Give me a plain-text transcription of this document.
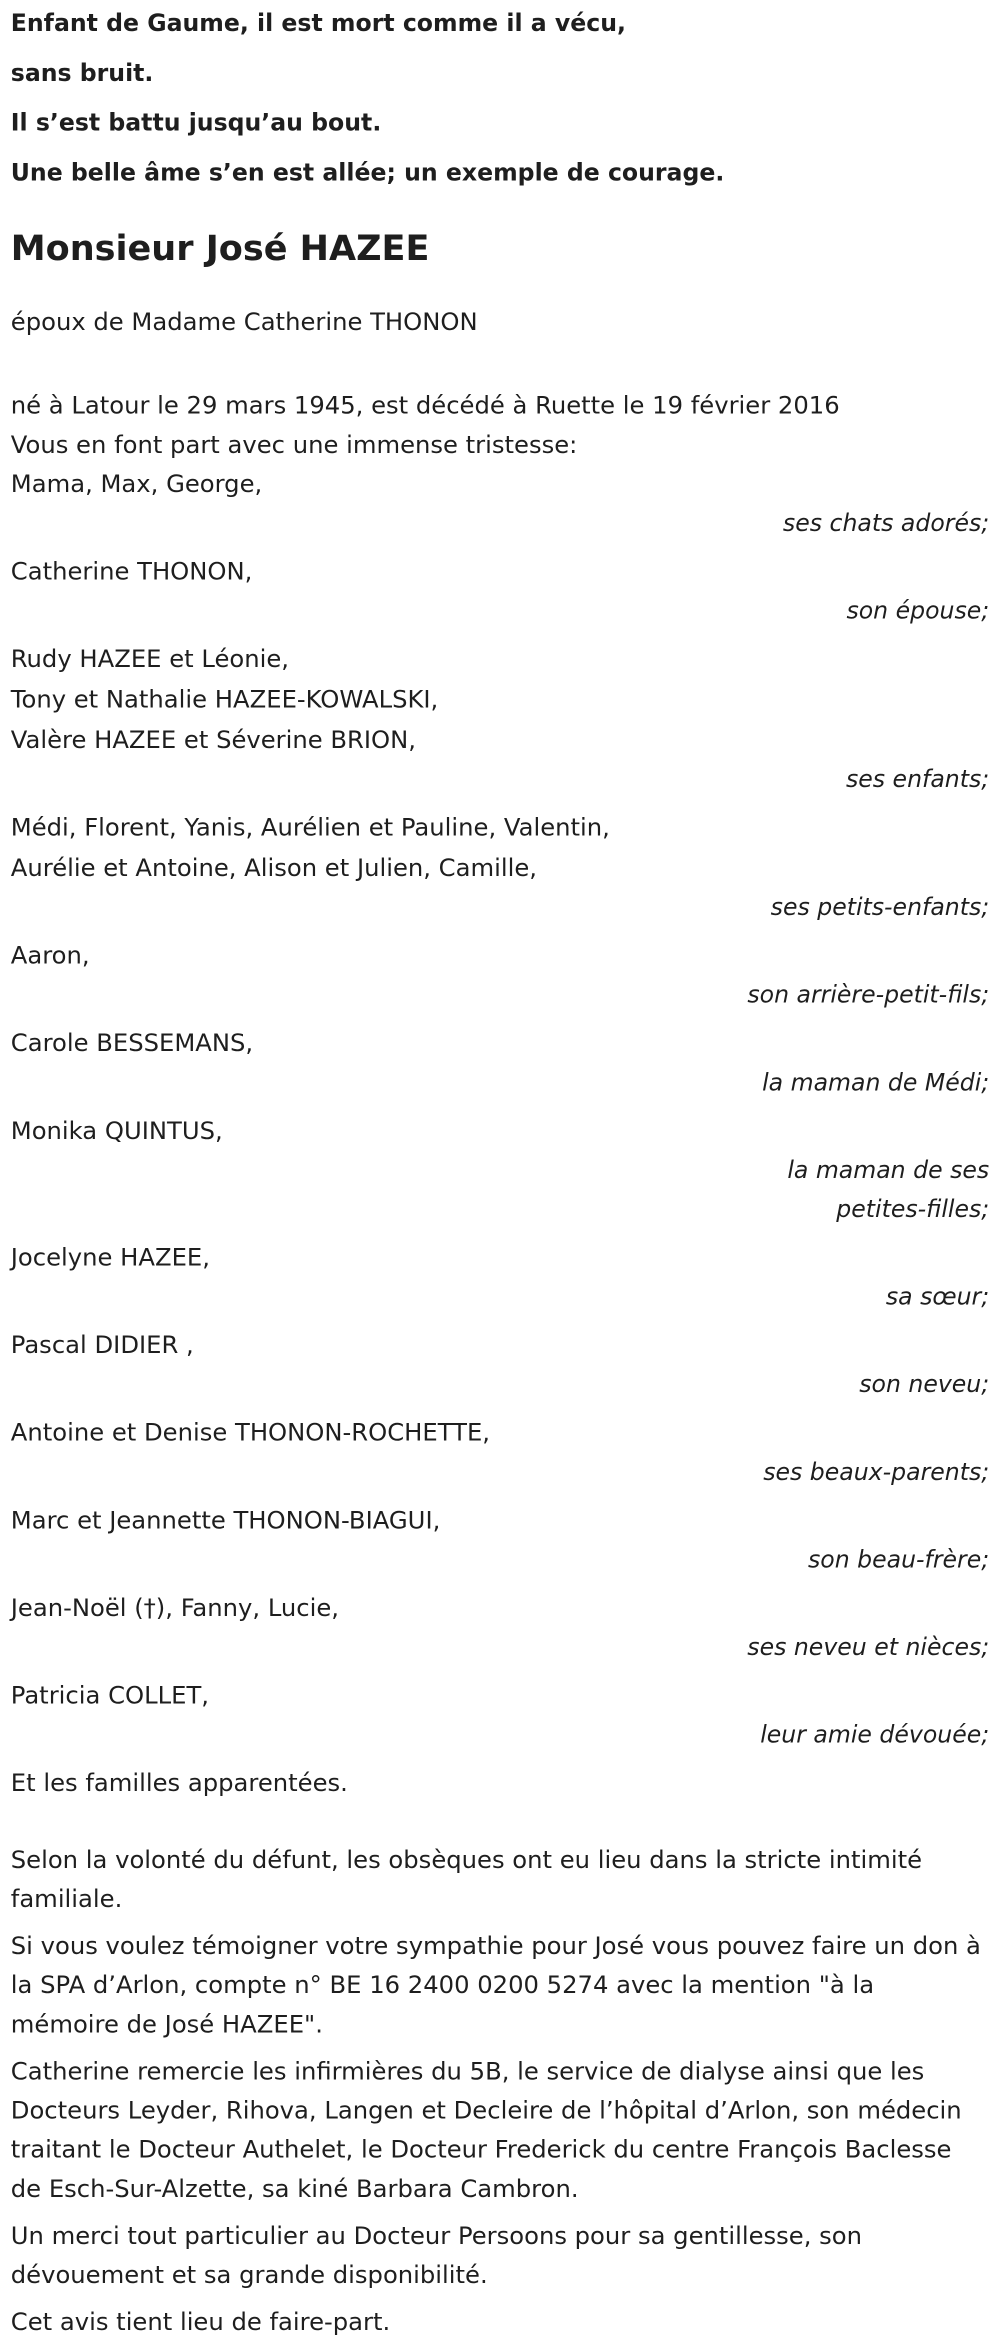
Enfant de Gaume, il est mort comme il a vécu,

sans bruit.

Il s’est battu jusqu’au bout.

Une belle âme s’en est allée; un exemple de courage.

Monsieur José HAZEE

époux de Madame Catherine THONON

né à Latour le 29 mars 1945, est décédé à Ruette le 19 février 2016

Vous en font part avec une immense tristesse:

Mama, Max, George,

ses chats adorés;

Catherine THONON,

son épouse;

Rudy HAZEE et Léonie,

Tony et Nathalie HAZEE-KOWALSKI,

Valère HAZEE et Séverine BRION,

ses enfants;

Médi, Florent, Yanis, Aurélien et Pauline, Valentin,

Aurélie et Antoine, Alison et Julien, Camille,

ses petits-enfants;

Aaron,

son arrière-petit-fils;

Carole BESSEMANS,

la maman de Médi;

Monika QUINTUS,

la maman de ses petites-filles;

Jocelyne HAZEE,

sa sœur;

Pascal DIDIER ,

son neveu;

Antoine et Denise THONON-ROCHETTE,

ses beaux-parents;

Marc et Jeannette THONON-BIAGUI,

son beau-frère;

Jean-Noël (†), Fanny, Lucie,

ses neveu et nièces;

Patricia COLLET,

leur amie dévouée;

Et les familles apparentées.

Selon la volonté du défunt, les obsèques ont eu lieu dans la stricte intimité familiale.

Si vous voulez témoigner votre sympathie pour José vous pouvez faire un don à la SPA d’Arlon, compte n° BE 16 2400 0200 5274 avec la mention "à la mémoire de José HAZEE".

Catherine remercie les infirmières du 5B, le service de dialyse ainsi que les Docteurs Leyder, Rihova, Langen et Decleire de l’hôpital d’Arlon, son médecin traitant le Docteur Authelet, le Docteur Frederick du centre François Baclesse de Esch-Sur-Alzette, sa kiné Barbara Cambron.

Un merci tout particulier au Docteur Persoons pour sa gentillesse, son dévouement et sa grande disponibilité.

Cet avis tient lieu de faire-part.
